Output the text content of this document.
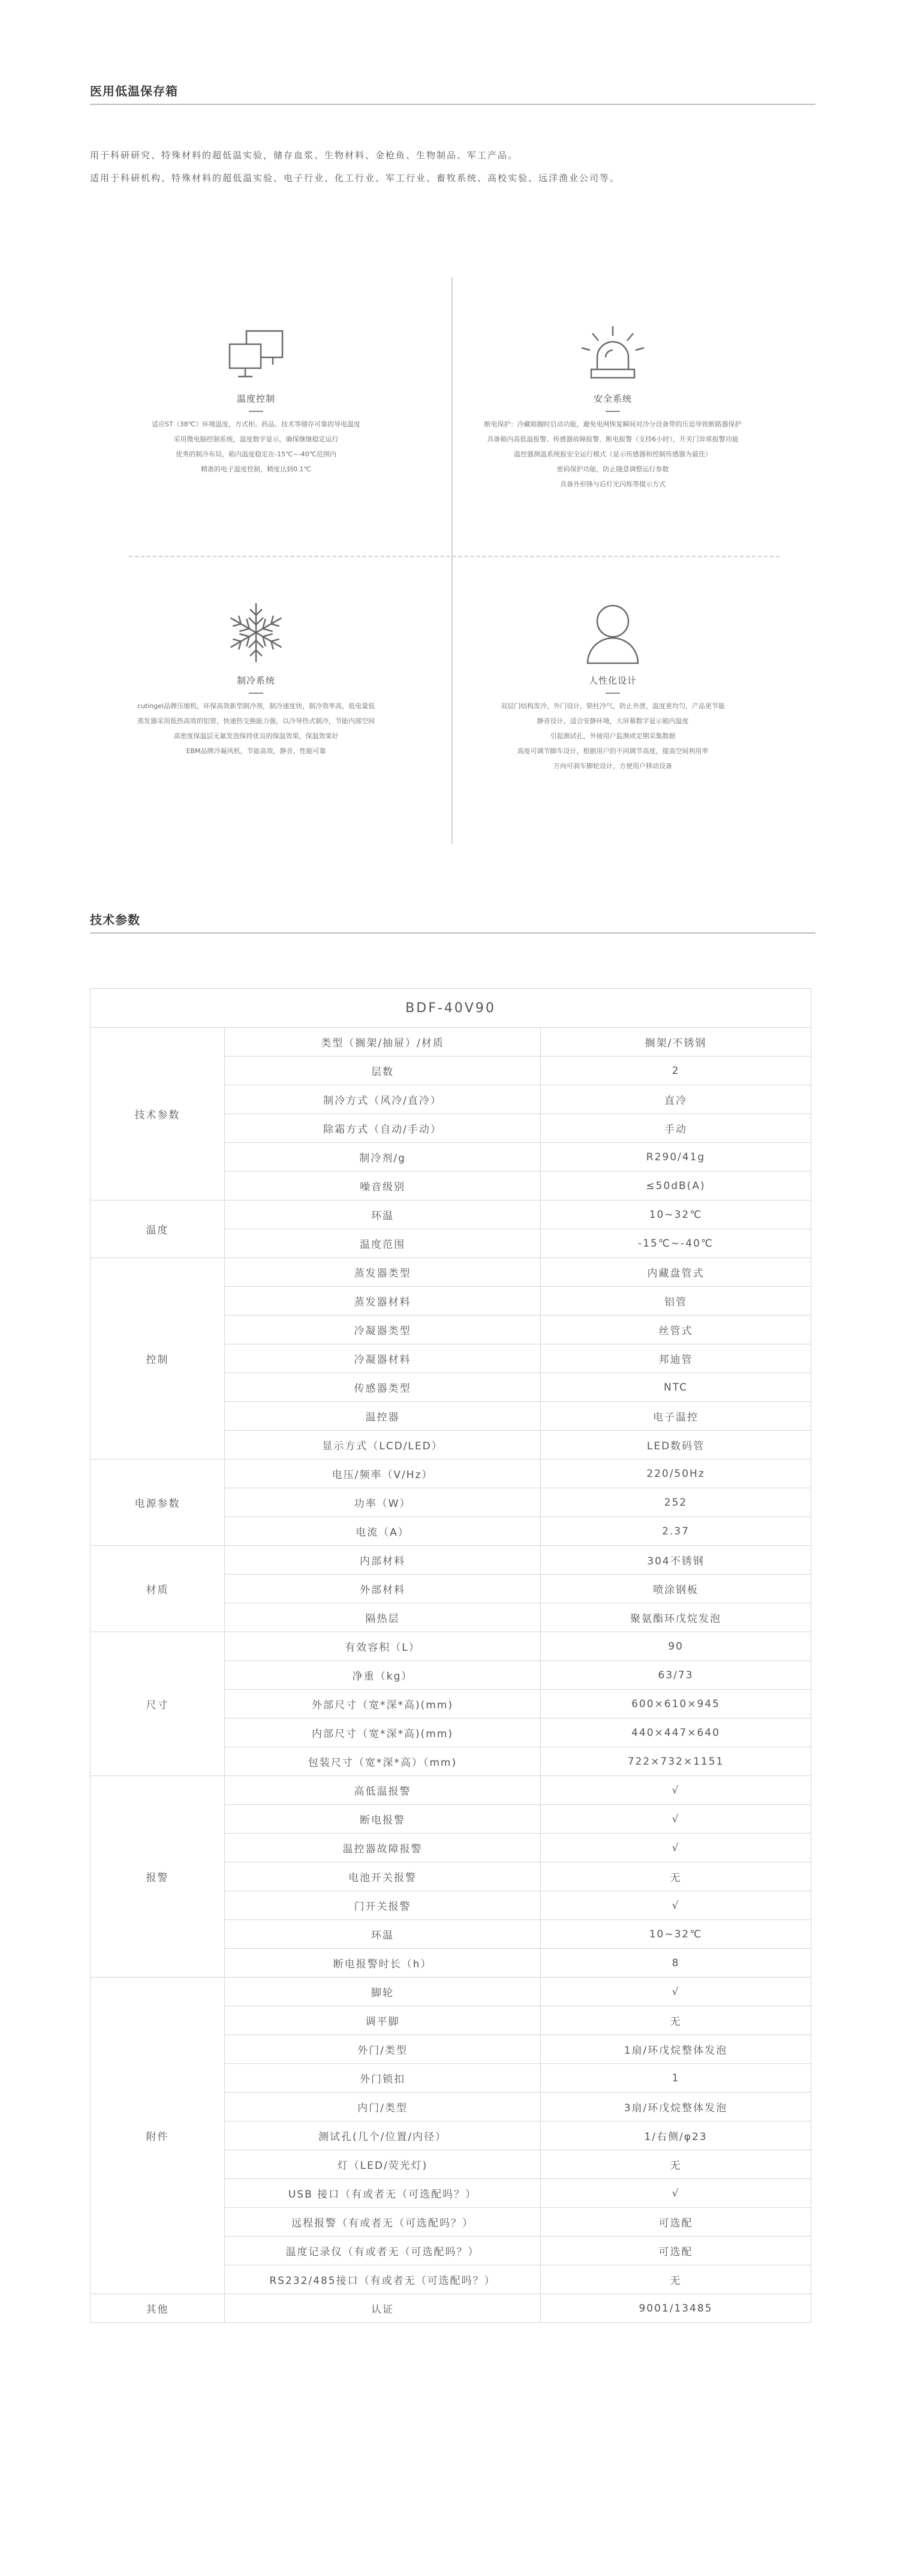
医用低温保存箱
用于科研研究、特殊材料的超低温实验，储存血浆、生物材料、金枪鱼、生物制品、军工产品。
适用于科研机构、特殊材料的超低温实验、电子行业、化工行业、军工行业、畜牧系统、高校实验、远洋渔业公司等。
温度控制
适应ST（38℃）环境温度，方式柜。药品、技术等储存可靠的导电温度
采用微电脑控制系统，温度数字显示，确保继继稳定运行
优秀的制冷布局，箱内温度稳定在-15℃~-40℃范围内
精准的电子温度控制，精度达到0.1℃
安全系统
断电保护：冷藏箱搁时启动功能，避免电网恢复瞬间对冷分设备带的压迫导致断路器保护
具备箱内高低温报警、传感器故障报警、断电报警（支持6小时），开关门异常报警功能
温控器测温系统报安全运行模式（显示传感器和控制传感器为最佳）
密码保护功能，防止随意调整运行参数
具备外形锋与后灯光闪烁等提示方式
制冷系统
cutingel品牌压缩机，环保高效新型制冷剂，制冷速度快，制冷效率高，低电量低
蒸发器采用低热高效的铝管，快速热交换能力强，以冷导热式制冷，节能内部空间
高密度保温层无氟发泡保持优良的保温效果，保温效果好
EBM品牌冷凝风机，节能高效，静音，性能可靠
人性化设计
双层门结构发冷，外门设计，锁柱冷气，防止外泄，温度更均匀，产品更节能
静音设计，适合安静环境，大屏幕数字显示箱内温度
引起测试孔，外接用户监测或定期采集数据
高度可调节脚车设计，根据用户的不同调节高度，提高空间利用率
万向可刹车脚轮设计，方便用户移动设备
技术参数
BDF-40V90		
技术参数	类型（搁架/抽屉）/材质	搁架/不锈钢
	层数	2
	制冷方式（风冷/直冷）	直冷
	除霜方式（自动/手动）	手动
	制冷剂/g	R290/41g
	噪音级别	≤50dB(A)
温度	环温	10~32℃
	温度范围	-15℃~-40℃
控制	蒸发器类型	内藏盘管式
	蒸发器材料	铝管
	冷凝器类型	丝管式
	冷凝器材料	邦迪管
	传感器类型	NTC
	温控器	电子温控
	显示方式（LCD/LED）	LED数码管
电源参数	电压/频率（V/Hz）	220/50Hz
	功率（W）	252
	电流（A）	2.37
材质	内部材料	304不锈钢
	外部材料	喷涂钢板
	隔热层	聚氨酯环戊烷发泡
尺寸	有效容积（L）	90
	净重（kg）	63/73
	外部尺寸（宽*深*高)(mm)	600×610×945
	内部尺寸（宽*深*高)(mm)	440×447×640
	包装尺寸（宽*深*高）（mm)	722×732×1151
报警	高低温报警	√
	断电报警	√
	温控器故障报警	√
	电池开关报警	无
	门开关报警	√
	环温	10~32℃
	断电报警时长（h）	8
附件	脚轮	√
	调平脚	无
	外门/类型	1扇/环戊烷整体发泡
	外门锁扣	1
	内门/类型	3扇/环戊烷整体发泡
	测试孔(几个/位置/内径）	1/右侧/φ23
	灯（LED/荧光灯)	无
	USB 接口（有或者无（可选配吗？）	√
	远程报警（有或者无（可选配吗？）	可选配
	温度记录仪（有或者无（可选配吗？）	可选配
	RS232/485接口（有或者无（可选配吗？）	无
其他	认证	9001/13485
